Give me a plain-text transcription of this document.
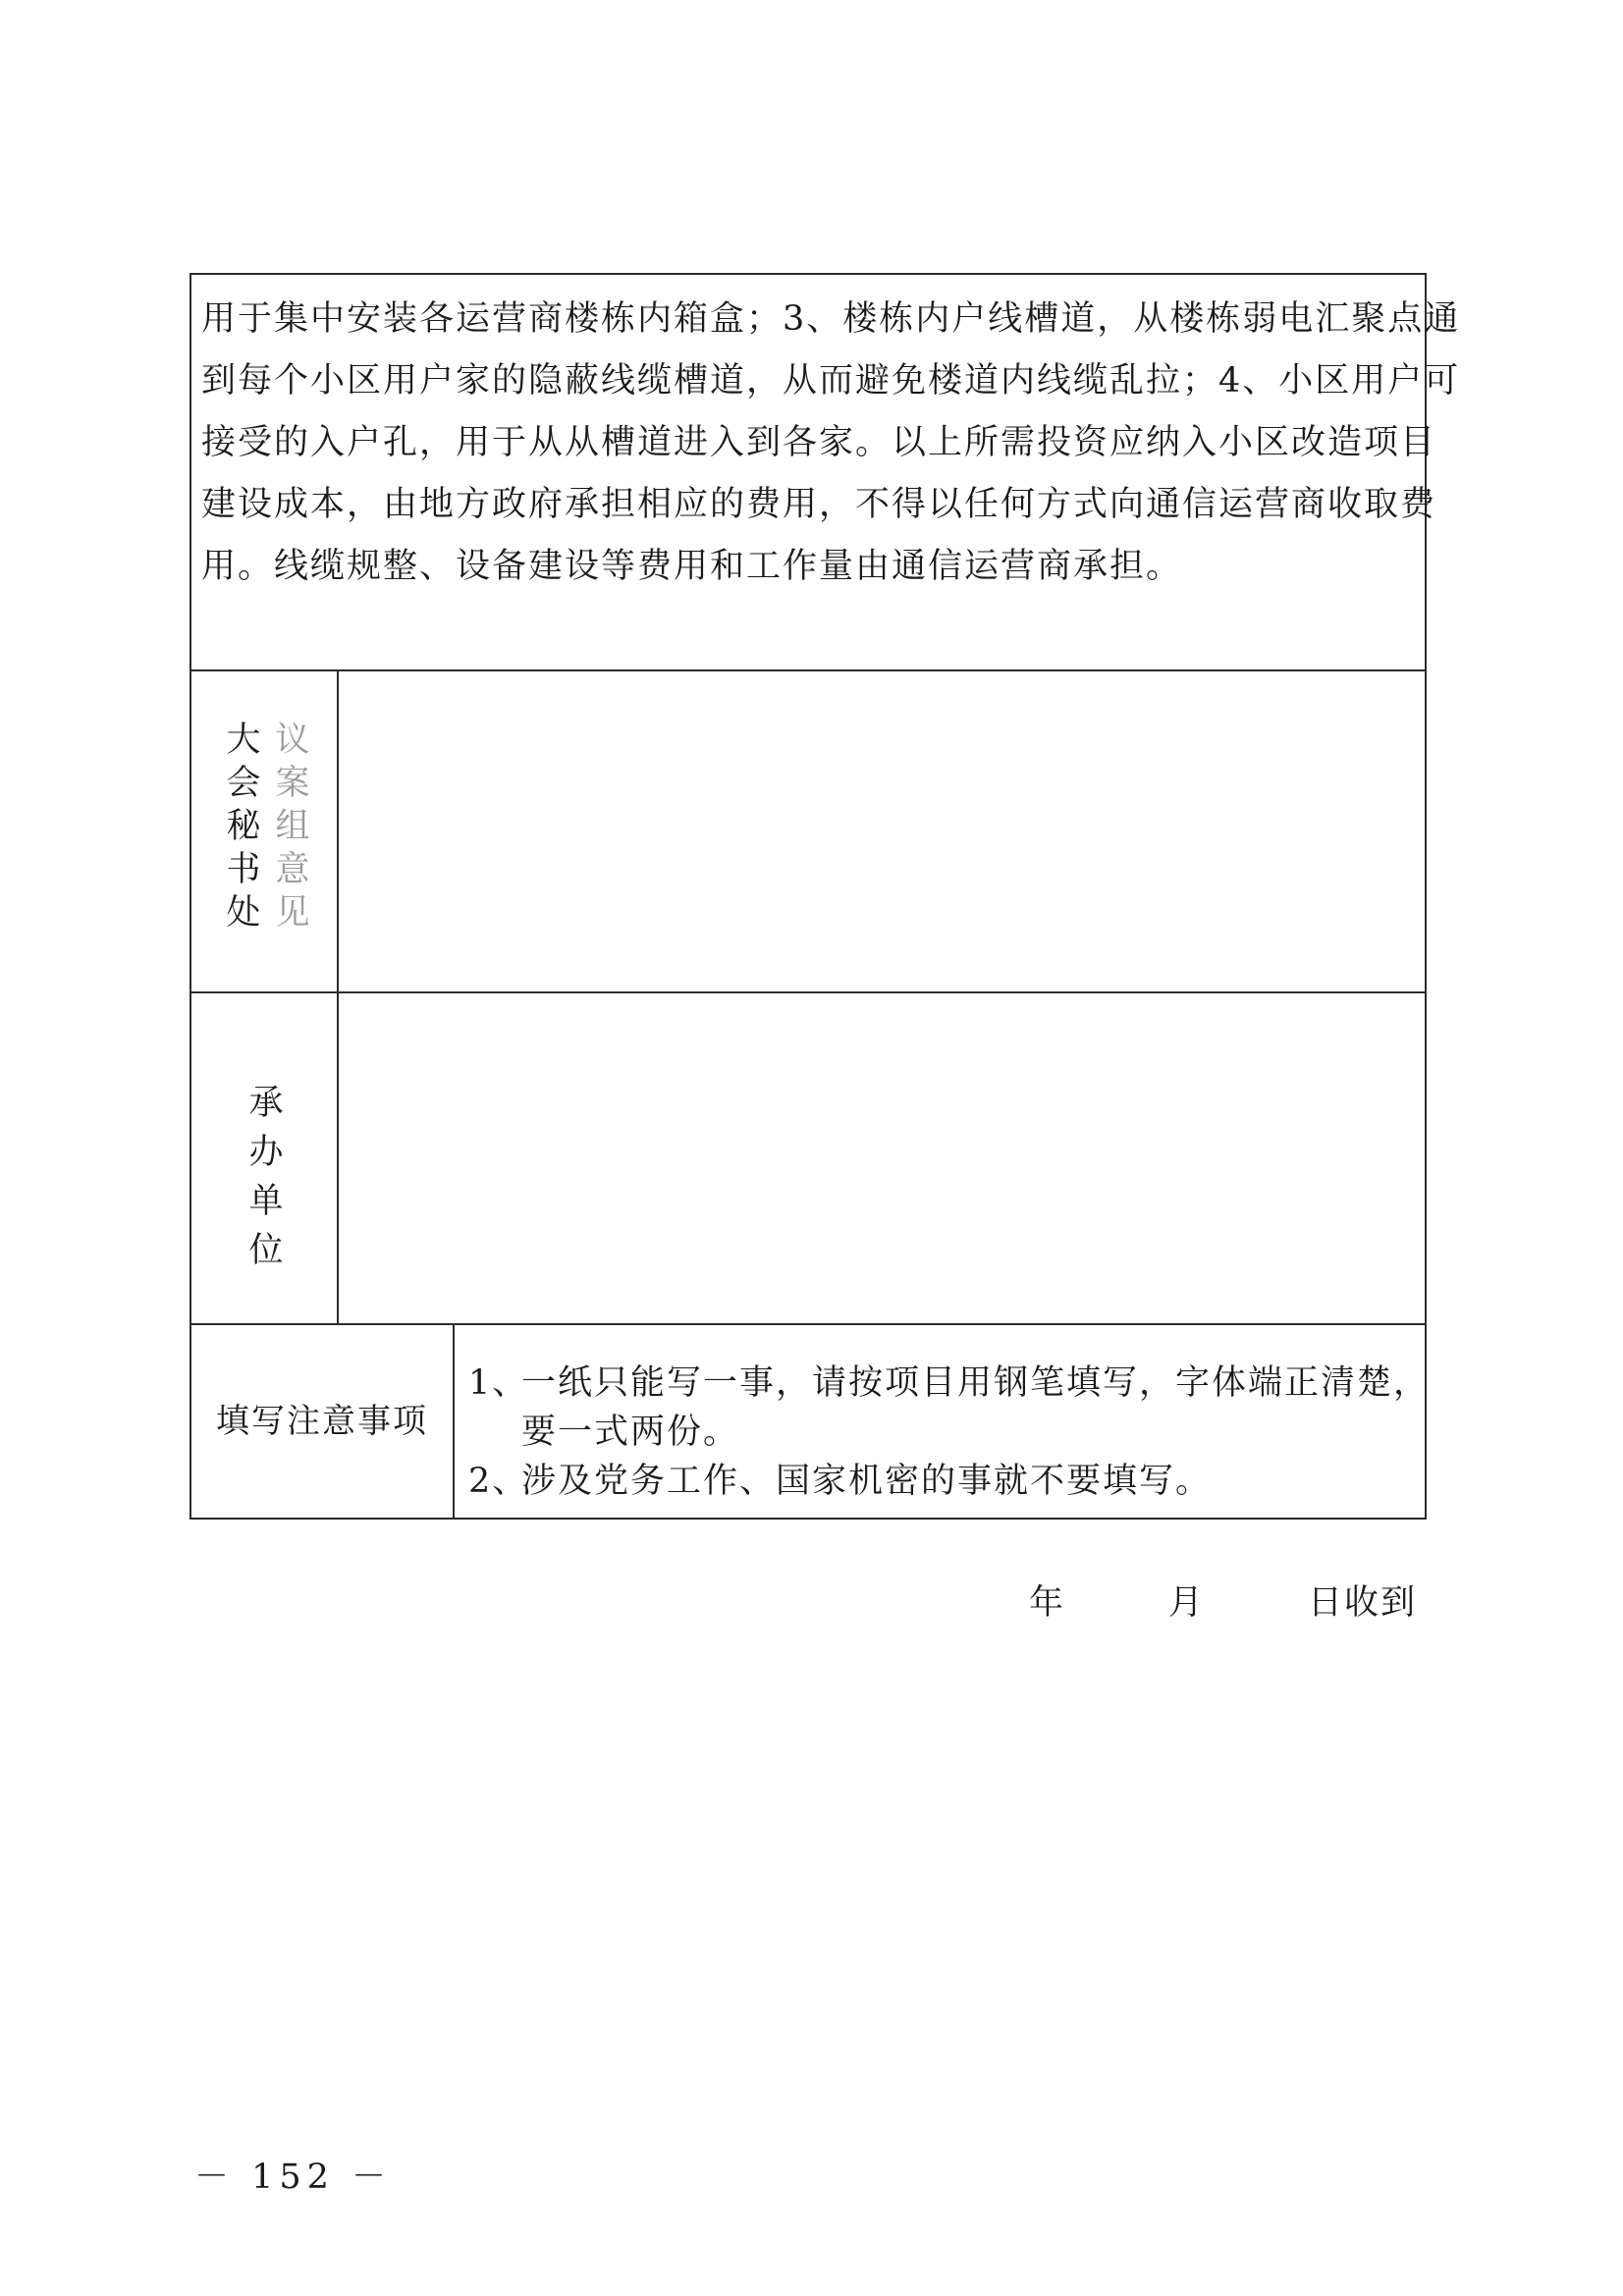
用于集中安装各运营商楼栋内箱盒；3、楼栋内户线槽道，从楼栋弱电汇聚点通
到每个小区用户家的隐蔽线缆槽道，从而避免楼道内线缆乱拉；4、小区用户可
接受的入户孔，用于从从槽道进入到各家。以上所需投资应纳入小区改造项目
建设成本，由地方政府承担相应的费用，不得以任何方式向通信运营商收取费
用。线缆规整、设备建设等费用和工作量由通信运营商承担。
大会秘书处 议案组意见
承办单位
填写注意事项
1、
一纸只能写一事，请按项目用钢笔填写，字体端正清楚，
要一式两份。
2、
涉及党务工作、国家机密的事就不要填写。
年        月        日收到
－ 152 －
